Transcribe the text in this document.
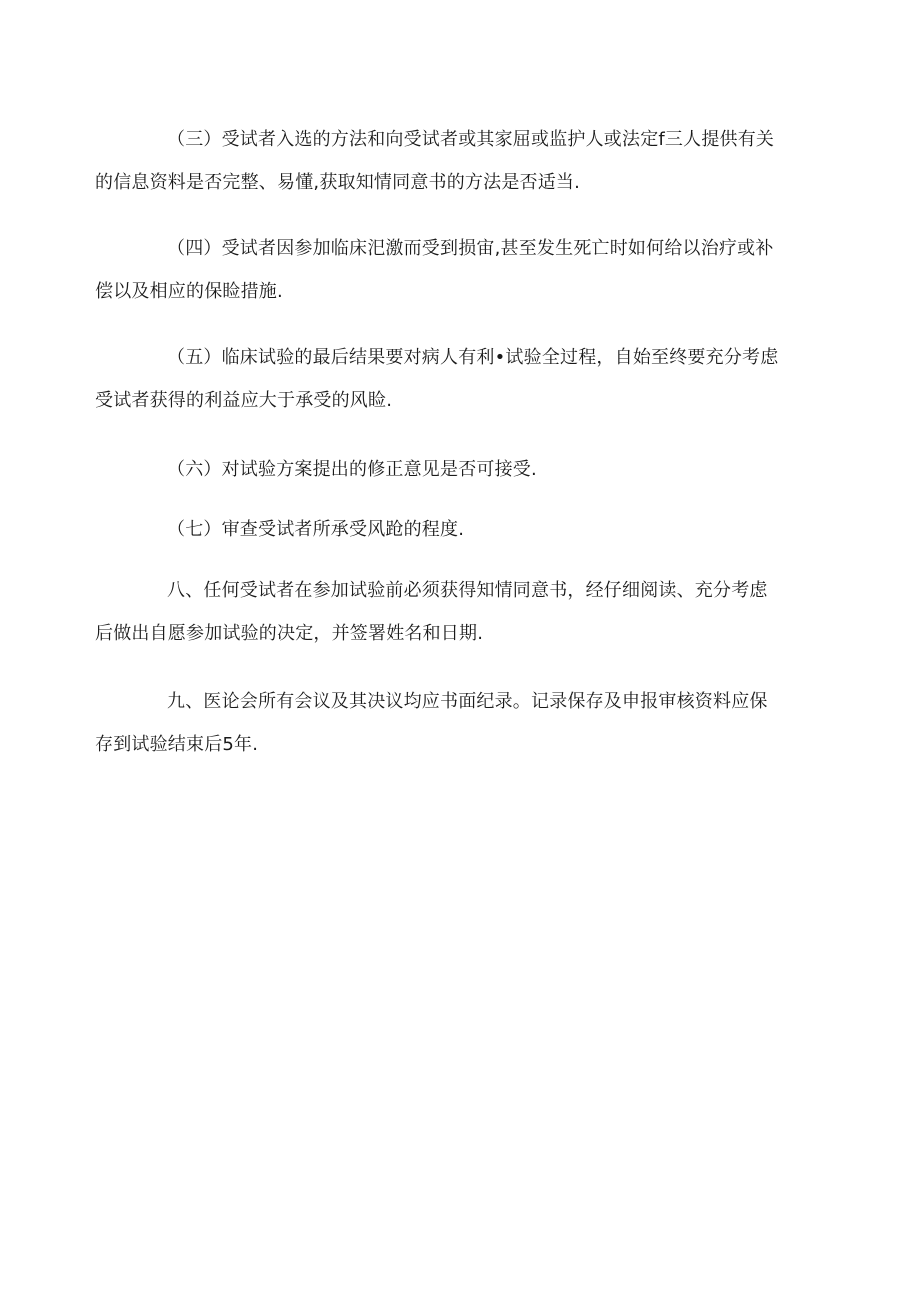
（三）受试者入选的方法和向受试者或其家屈或监护人或法定f三人提供有关
的信息资料是否完整、易懂,获取知情同意书的方法是否适当.

（四）受试者因参加临床汜激而受到损宙,甚至发生死亡时如何给以治疗或补
偿以及相应的保睑措施.

（五）临床试验的最后结果要对病人有利•试验全过程，自始至终要充分考虑
受试者获得的利益应大于承受的风睑.

（六）对试验方案提出的修正意见是否可接受.

（七）审查受试者所承受风跄的程度.

八、任何受试者在参加试验前必须获得知情同意书，经仔细阅读、充分考虑
后做出自愿参加试验的决定，并签署姓名和日期.

九、医论会所有会议及其决议均应书面纪录。记录保存及申报审核资料应保
存到试验结束后5年.
